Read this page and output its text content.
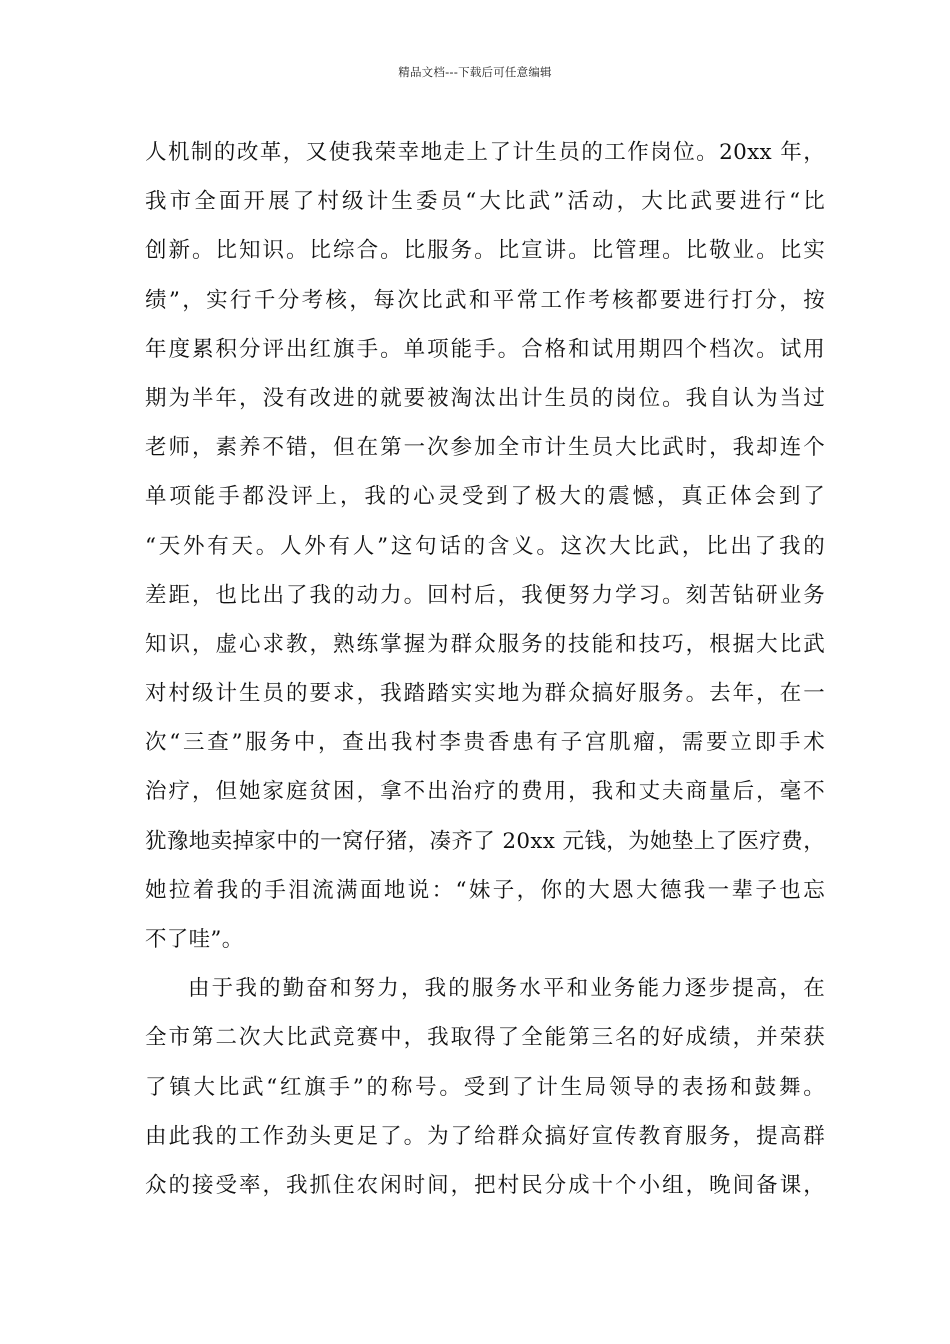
精品文档---下载后可任意编辑
人机制的改革，又使我荣幸地走上了计生员的工作岗位。20xx 年，
我市全面开展了村级计生委员“大比武”活动，大比武要进行“比
创新。比知识。比综合。比服务。比宣讲。比管理。比敬业。比实
绩”，实行千分考核，每次比武和平常工作考核都要进行打分，按
年度累积分评出红旗手。单项能手。合格和试用期四个档次。试用
期为半年，没有改进的就要被淘汰出计生员的岗位。我自认为当过
老师，素养不错，但在第一次参加全市计生员大比武时，我却连个
单项能手都没评上，我的心灵受到了极大的震憾，真正体会到了
“天外有天。人外有人”这句话的含义。这次大比武，比出了我的
差距，也比出了我的动力。回村后，我便努力学习。刻苦钻研业务
知识，虚心求教，熟练掌握为群众服务的技能和技巧，根据大比武
对村级计生员的要求，我踏踏实实地为群众搞好服务。去年，在一
次“三查”服务中，查出我村李贵香患有子宫肌瘤，需要立即手术
治疗，但她家庭贫困，拿不出治疗的费用，我和丈夫商量后，毫不
犹豫地卖掉家中的一窝仔猪，凑齐了 20xx 元钱，为她垫上了医疗费，
她拉着我的手泪流满面地说：“妹子，你的大恩大德我一辈子也忘
不了哇”。
由于我的勤奋和努力，我的服务水平和业务能力逐步提高，在
全市第二次大比武竞赛中，我取得了全能第三名的好成绩，并荣获
了镇大比武“红旗手”的称号。受到了计生局领导的表扬和鼓舞。
由此我的工作劲头更足了。为了给群众搞好宣传教育服务，提高群
众的接受率，我抓住农闲时间，把村民分成十个小组，晚间备课，
